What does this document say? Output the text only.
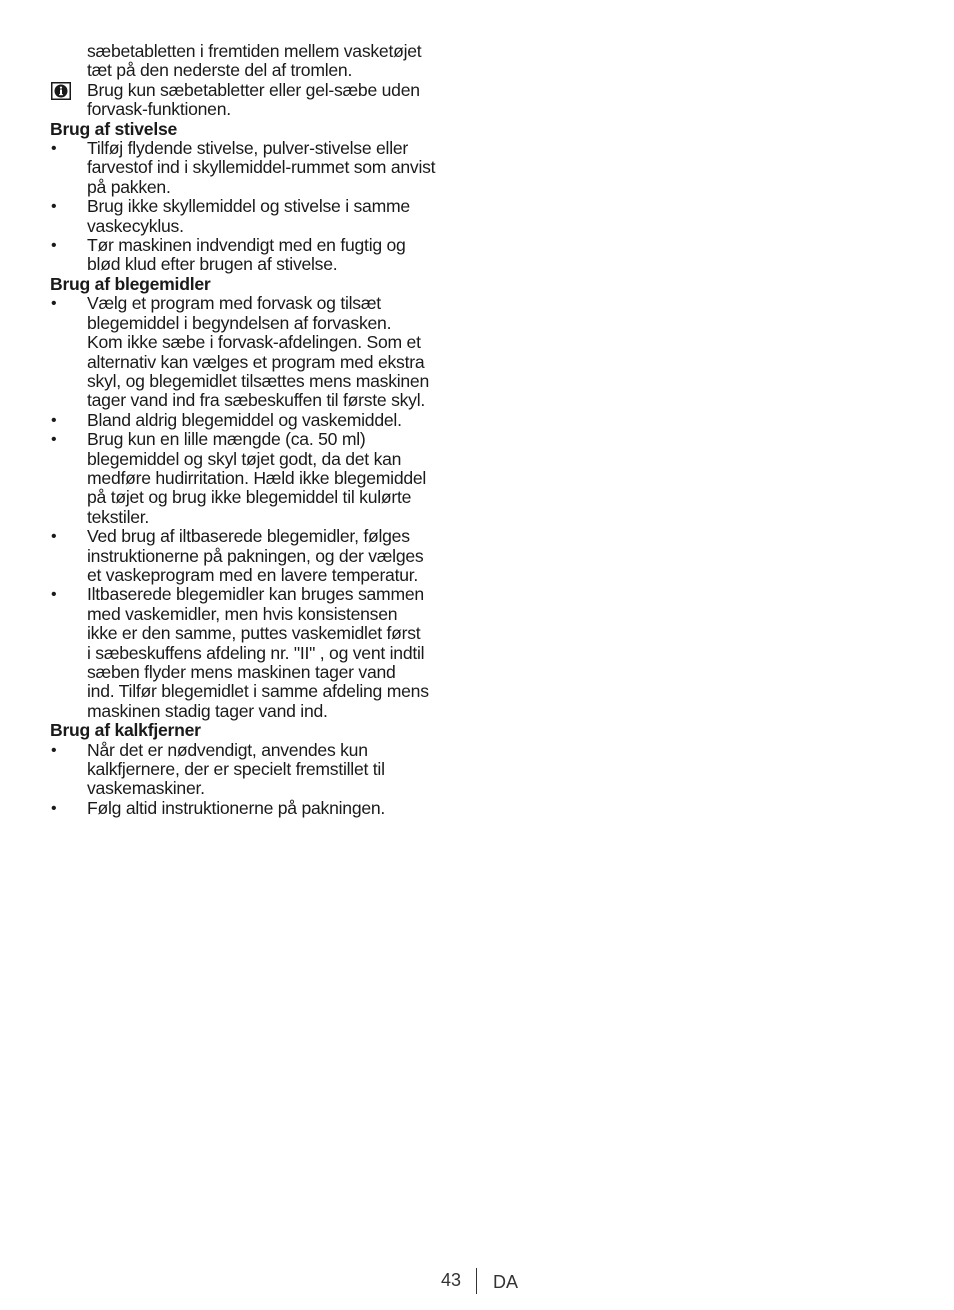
sæbetabletten i fremtiden mellem vasketøjet
tæt på den nederste del af tromlen.
Brug kun sæbetabletter eller gel-sæbe uden
forvask-funktionen.
Brug af stivelse
•	Tilføj flydende stivelse, pulver-stivelse eller
farvestof ind i skyllemiddel-rummet som anvist
på pakken.
•	Brug ikke skyllemiddel og stivelse i samme
vaskecyklus.
•	Tør maskinen indvendigt med en fugtig og
blød klud efter brugen af stivelse.
Brug af blegemidler
•	Vælg et program med forvask og tilsæt
blegemiddel i begyndelsen af forvasken.
Kom ikke sæbe i forvask-afdelingen. Som et
alternativ kan vælges et program med ekstra
skyl, og blegemidlet tilsættes mens maskinen
tager vand ind fra sæbeskuffen til første skyl.
•	Bland aldrig blegemiddel og vaskemiddel.
•	Brug kun en lille mængde (ca. 50 ml)
blegemiddel og skyl tøjet godt, da det kan
medføre hudirritation. Hæld ikke blegemiddel
på tøjet og brug ikke blegemiddel til kulørte
tekstiler.
•	Ved brug af iltbaserede blegemidler, følges
instruktionerne på pakningen, og der vælges
et vaskeprogram med en lavere temperatur.
•	Iltbaserede blegemidler kan bruges sammen
med vaskemidler, men hvis konsistensen
ikke er den samme, puttes vaskemidlet først
i sæbeskuffens afdeling nr. "II" , og vent indtil
sæben flyder mens maskinen tager vand
ind. Tilfør blegemidlet i samme afdeling mens
maskinen stadig tager vand ind.
Brug af kalkfjerner
•	Når det er nødvendigt, anvendes kun
kalkfjernere, der er specielt fremstillet til
vaskemaskiner.
•	Følg altid instruktionerne på pakningen.
43 DA
